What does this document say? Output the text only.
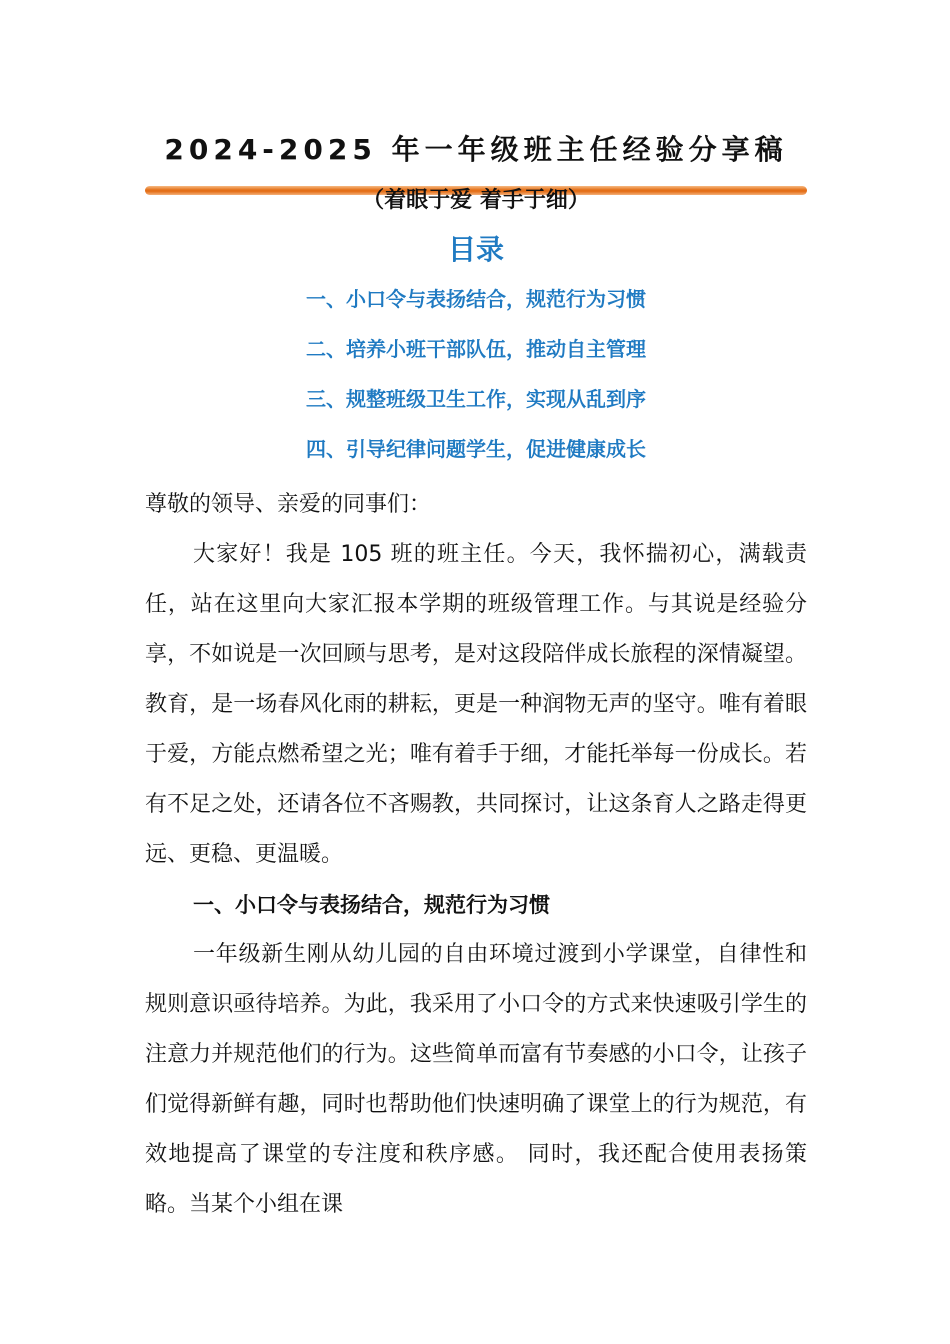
2024-2025 年一年级班主任经验分享稿
（着眼于爱 着手于细）
目录
一、小口令与表扬结合，规范行为习惯
二、培养小班干部队伍，推动自主管理
三、规整班级卫生工作，实现从乱到序
四、引导纪律问题学生，促进健康成长

尊敬的领导、亲爱的同事们：

大家好！我是 105 班的班主任。今天，我怀揣初心，满载责任，站在这里向大家汇报本学期的班级管理工作。与其说是经验分享，不如说是一次回顾与思考，是对这段陪伴成长旅程的深情凝望。教育，是一场春风化雨的耕耘，更是一种润物无声的坚守。唯有着眼于爱，方能点燃希望之光；唯有着手于细，才能托举每一份成长。若有不足之处，还请各位不吝赐教，共同探讨，让这条育人之路走得更远、更稳、更温暖。

一、小口令与表扬结合，规范行为习惯

一年级新生刚从幼儿园的自由环境过渡到小学课堂，自律性和规则意识亟待培养。为此，我采用了小口令的方式来快速吸引学生的注意力并规范他们的行为。这些简单而富有节奏感的小口令，让孩子们觉得新鲜有趣，同时也帮助他们快速明确了课堂上的行为规范，有效地提高了课堂的专注度和秩序感。 同时，我还配合使用表扬策略。当某个小组在课
